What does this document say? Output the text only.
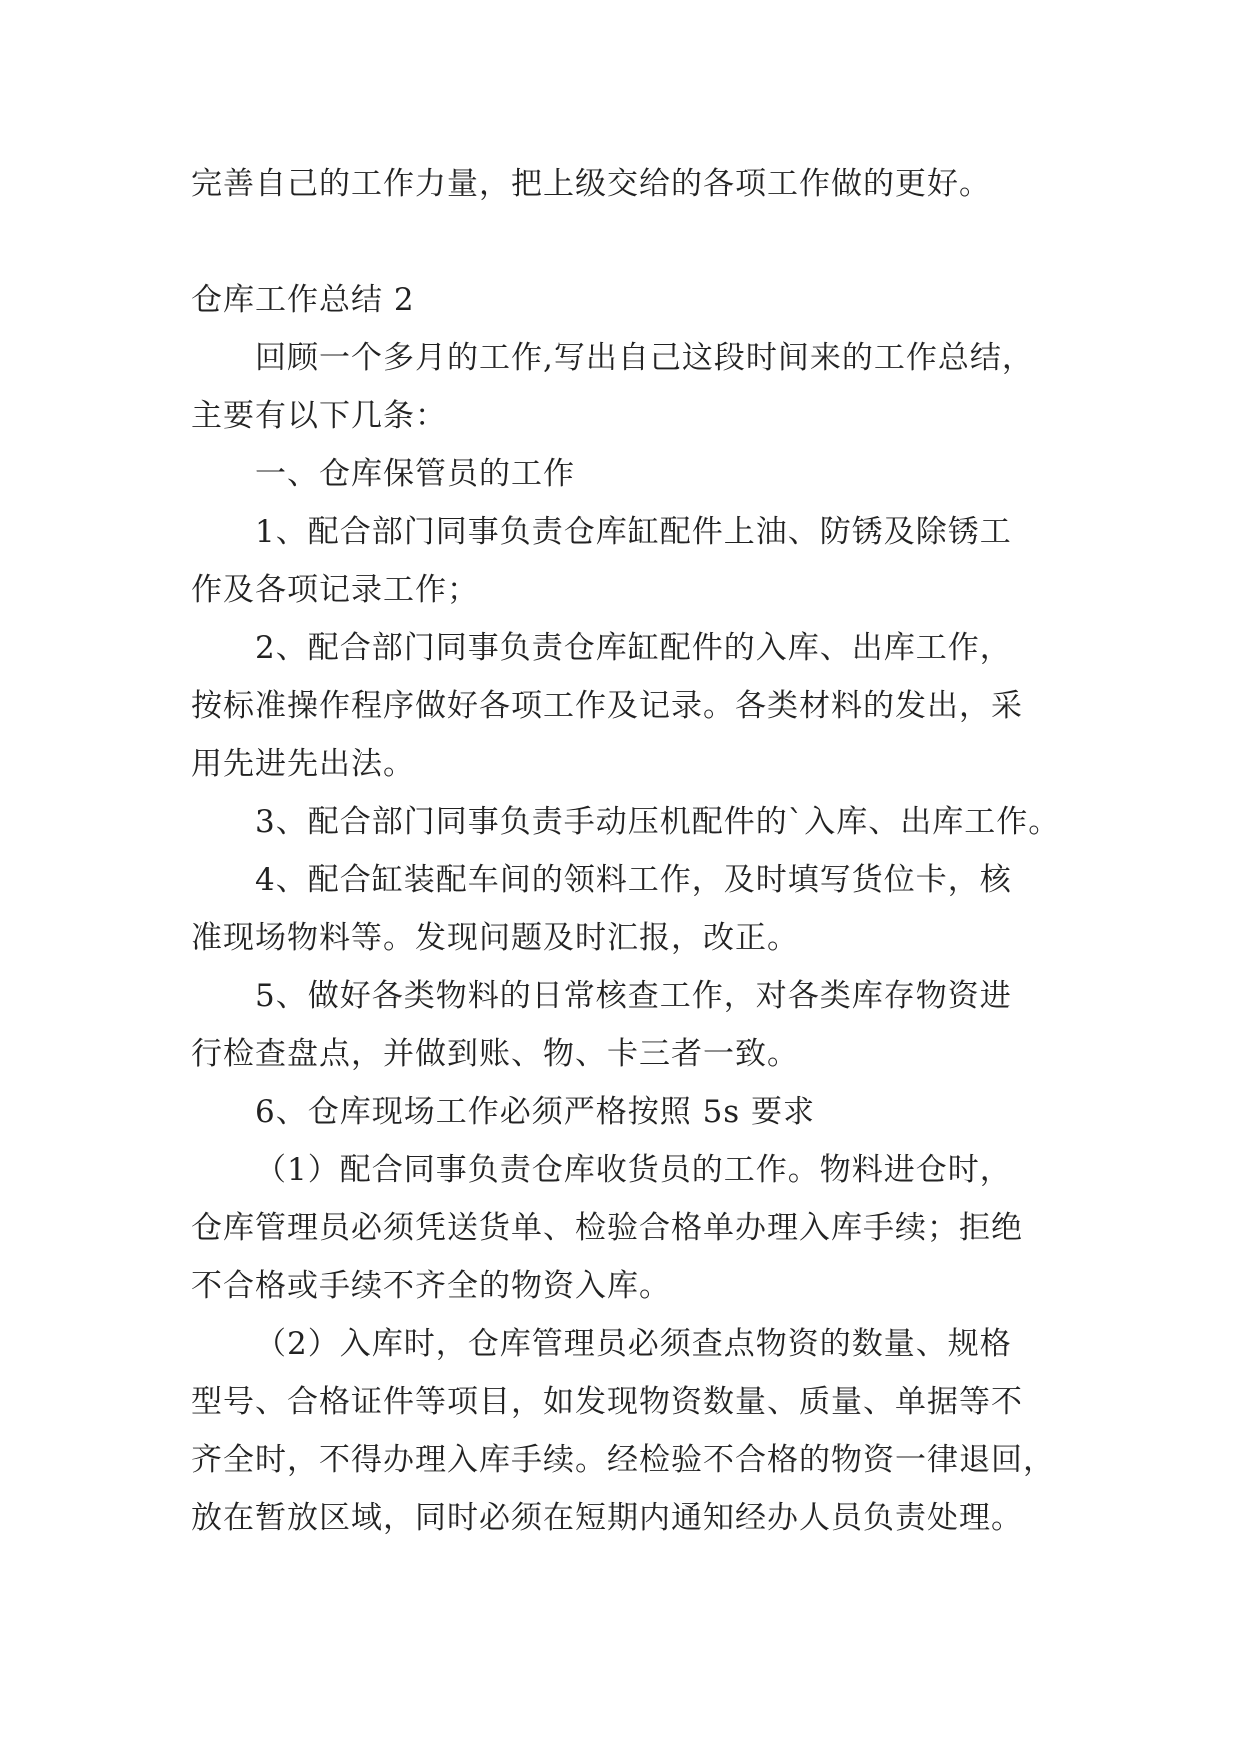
完善自己的工作力量，把上级交给的各项工作做的更好。

仓库工作总结 2

回顾一个多月的工作,写出自己这段时间来的工作总结，

主要有以下几条：

一、仓库保管员的工作

1、配合部门同事负责仓库缸配件上油、防锈及除锈工

作及各项记录工作；

2、配合部门同事负责仓库缸配件的入库、出库工作，

按标准操作程序做好各项工作及记录。各类材料的发出，采

用先进先出法。

3、配合部门同事负责手动压机配件的`入库、出库工作。

4、配合缸装配车间的领料工作，及时填写货位卡，核

准现场物料等。发现问题及时汇报，改正。

5、做好各类物料的日常核查工作，对各类库存物资进

行检查盘点，并做到账、物、卡三者一致。

6、仓库现场工作必须严格按照 5s 要求

（1）配合同事负责仓库收货员的工作。物料进仓时，

仓库管理员必须凭送货单、检验合格单办理入库手续；拒绝

不合格或手续不齐全的物资入库。

（2）入库时，仓库管理员必须查点物资的数量、规格

型号、合格证件等项目，如发现物资数量、质量、单据等不

齐全时，不得办理入库手续。经检验不合格的物资一律退回，

放在暂放区域，同时必须在短期内通知经办人员负责处理。
